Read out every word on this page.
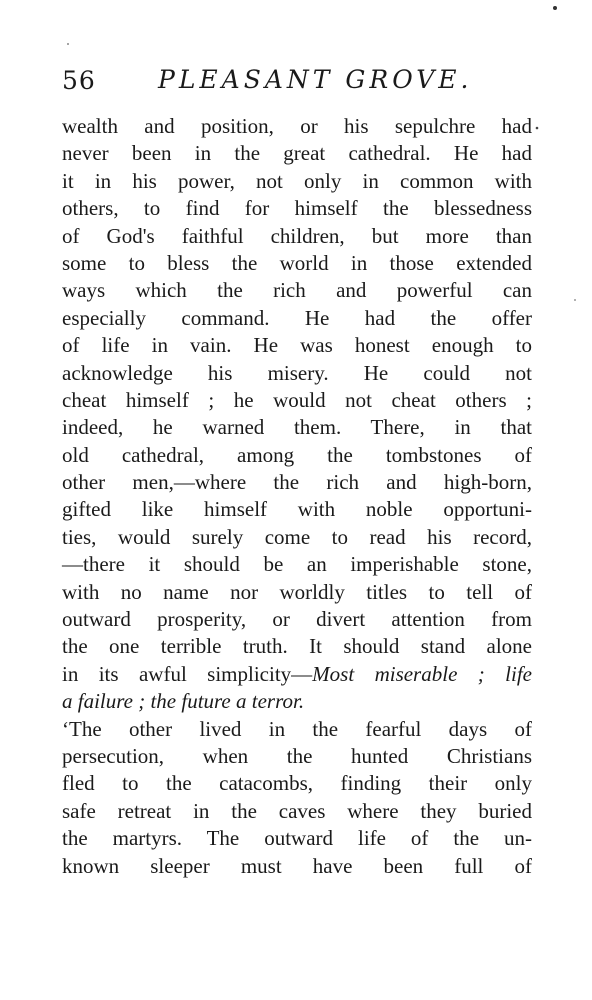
56 PLEASANT GROVE.
wealth and position, or his sepulchre had
never been in the great cathedral. He had
it in his power, not only in common with
others, to find for himself the blessedness
of God's faithful children, but more than
some to bless the world in those extended
ways which the rich and powerful can
especially command. He had the offer
of life in vain. He was honest enough to
acknowledge his misery. He could not
cheat himself ; he would not cheat others ;
indeed, he warned them. There, in that
old cathedral, among the tombstones of
other men,—where the rich and high-born,
gifted like himself with noble opportuni-
ties, would surely come to read his record,
—there it should be an imperishable stone,
with no name nor worldly titles to tell of
outward prosperity, or divert attention from
the one terrible truth. It should stand alone
in its awful simplicity—Most miserable ; life
a failure ; the future a terror.
‘The other lived in the fearful days of
persecution, when the hunted Christians
fled to the catacombs, finding their only
safe retreat in the caves where they buried
the martyrs. The outward life of the un-
known sleeper must have been full of
